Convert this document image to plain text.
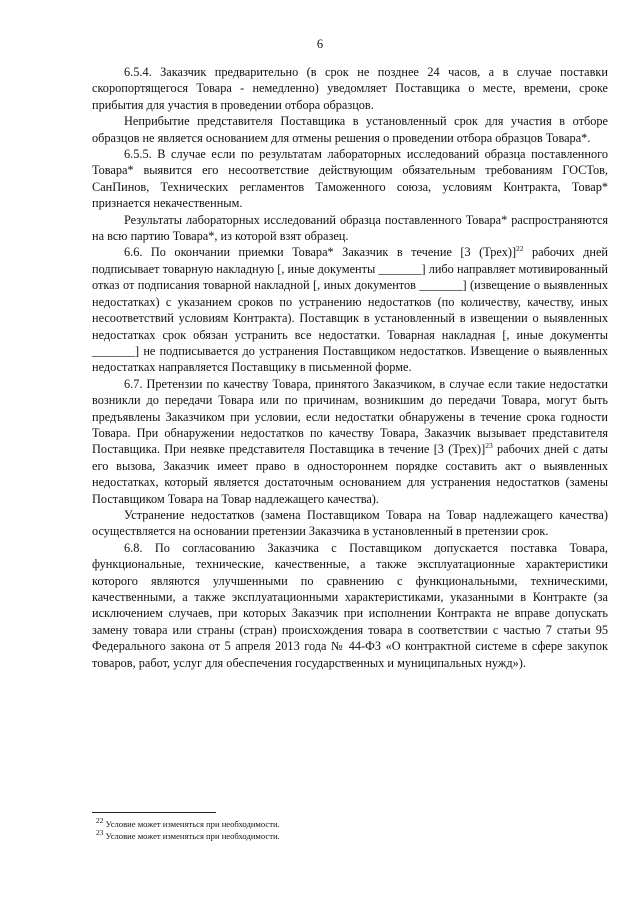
6

6.5.4. Заказчик предварительно (в срок не позднее 24 часов, а в случае поставки скоропортящегося Товара - немедленно) уведомляет Поставщика о месте, времени, сроке прибытия для участия в проведении отбора образцов.

Неприбытие представителя Поставщика в установленный срок для участия в отборе образцов не является основанием для отмены решения о проведении отбора образцов Товара*.

6.5.5. В случае если по результатам лабораторных исследований образца поставленного Товара* выявится его несоответствие действующим обязательным требованиям ГОСТов, СанПинов, Технических регламентов Таможенного союза, условиям Контракта, Товар* признается некачественным.

Результаты лабораторных исследований образца поставленного Товара* распространяются на всю партию Товара*, из которой взят образец.

6.6. По окончании приемки Товара* Заказчик в течение [3 (Трех)]$^{22}$ рабочих дней подписывает товарную накладную [, иные документы _______] либо направляет мотивированный отказ от подписания товарной накладной [, иных документов _______] (извещение о выявленных недостатках) с указанием сроков по устранению недостатков (по количеству, качеству, иных несоответствий условиям Контракта). Поставщик в установленный в извещении о выявленных недостатках срок обязан устранить все недостатки. Товарная накладная [, иные документы _______] не подписывается до устранения Поставщиком недостатков. Извещение о выявленных недостатках направляется Поставщику в письменной форме.

6.7. Претензии по качеству Товара, принятого Заказчиком, в случае если такие недостатки возникли до передачи Товара или по причинам, возникшим до передачи Товара, могут быть предъявлены Заказчиком при условии, если недостатки обнаружены в течение срока годности Товара. При обнаружении недостатков по качеству Товара, Заказчик вызывает представителя Поставщика. При неявке представителя Поставщика в течение [3 (Трех)]$^{23}$ рабочих дней с даты его вызова, Заказчик имеет право в одностороннем порядке составить акт о выявленных недостатках, который является достаточным основанием для устранения недостатков (замены Поставщиком Товара на Товар надлежащего качества).

Устранение недостатков (замена Поставщиком Товара на Товар надлежащего качества) осуществляется на основании претензии Заказчика в установленный в претензии срок.

6.8. По согласованию Заказчика с Поставщиком допускается поставка Товара, функциональные, технические, качественные, а также эксплуатационные характеристики которого являются улучшенными по сравнению с функциональными, техническими, качественными, а также эксплуатационными характеристиками, указанными в Контракте (за исключением случаев, при которых Заказчик при исполнении Контракта не вправе допускать замену товара или страны (стран) происхождения товара в соответствии с частью 7 статьи 95 Федерального закона от 5 апреля 2013 года № 44-ФЗ «О контрактной системе в сфере закупок товаров, работ, услуг для обеспечения государственных и муниципальных нужд»).

$^{22}$ Условие может изменяться при необходимости.

$^{23}$ Условие может изменяться при необходимости.
